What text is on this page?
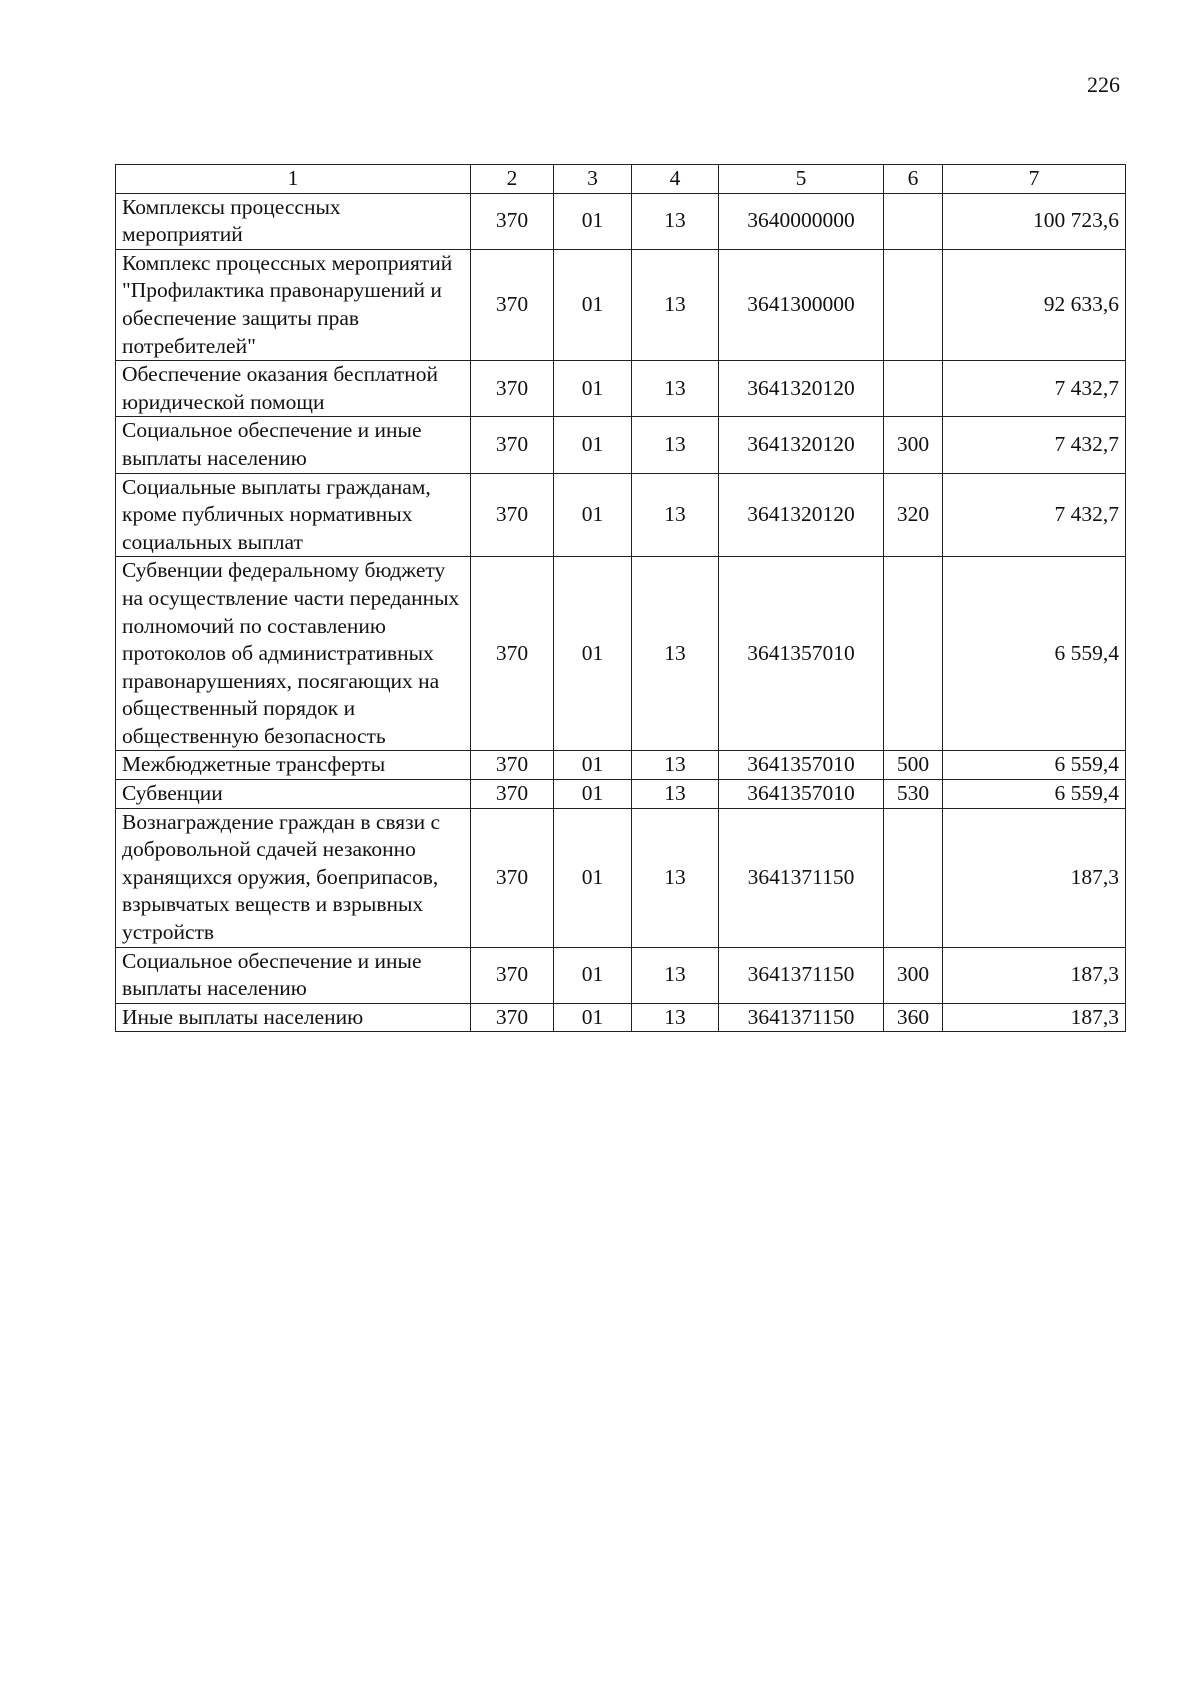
226
1	2	3	4	5	6	7
Комплексы процессных мероприятий	370	01	13	3640000000		100 723,6
Комплекс процессных мероприятий "Профилактика правонарушений и обеспечение защиты прав потребителей"	370	01	13	3641300000		92 633,6
Обеспечение оказания бесплатной юридической помощи	370	01	13	3641320120		7 432,7
Социальное обеспечение и иные выплаты населению	370	01	13	3641320120	300	7 432,7
Социальные выплаты гражданам, кроме публичных нормативных социальных выплат	370	01	13	3641320120	320	7 432,7
Субвенции федеральному бюджету на осуществление части переданных полномочий по составлению протоколов об административных правонарушениях, посягающих на общественный порядок и общественную безопасность	370	01	13	3641357010		6 559,4
Межбюджетные трансферты	370	01	13	3641357010	500	6 559,4
Субвенции	370	01	13	3641357010	530	6 559,4
Вознаграждение граждан в связи с добровольной сдачей незаконно хранящихся оружия, боеприпасов, взрывчатых веществ и взрывных устройств	370	01	13	3641371150		187,3
Социальное обеспечение и иные выплаты населению	370	01	13	3641371150	300	187,3
Иные выплаты населению	370	01	13	3641371150	360	187,3
